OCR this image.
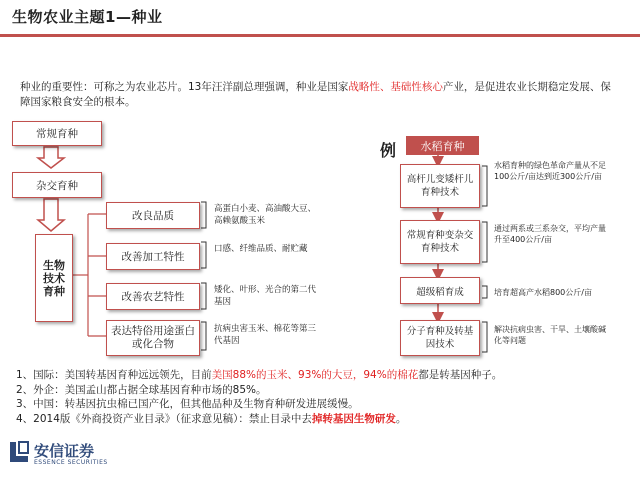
生物农业主题1—种业
种业的重要性：可称之为农业芯片。13年汪洋副总理强调，种业是国家战略性、基础性核心产业，是促进农业长期稳定发展、保障国家粮食安全的根本。
常规育种
杂交育种
生物技术育种
改良品质
改善加工特性
改善农艺特性
表达特俗用途蛋白或化合物
高蛋白小麦、高油酸大豆、高赖氨酸玉米
口感、纤维品质、耐贮藏
矮化、叶形、光合的第二代基因
抗病虫害玉米、棉花等第三代基因
例	水稻育种
高杆儿变矮杆儿育种技术
常规育种变杂交育种技术
超级稻育成
分子育种及转基因技术
水稻育种的绿色革命产量从不足100公斤/亩达到近300公斤/亩
通过两系或三系杂交，平均产量升至400公斤/亩
培育超高产水稻800公斤/亩
解决抗病虫害、干旱、土壤酸碱化等问题
1、国际：美国转基因育种远远领先，目前美国88%的玉米、93%的大豆，94%的棉花都是转基因种子。
2、外企：美国孟山都占据全球基因育种市场的85%。
3、中国：转基因抗虫棉已国产化，但其他品种及生物育种研发进展缓慢。
4、2014版《外商投资产业目录》（征求意见稿）：禁止目录中去掉转基因生物研发。
安信证券
ESSENCE SECURITIES
